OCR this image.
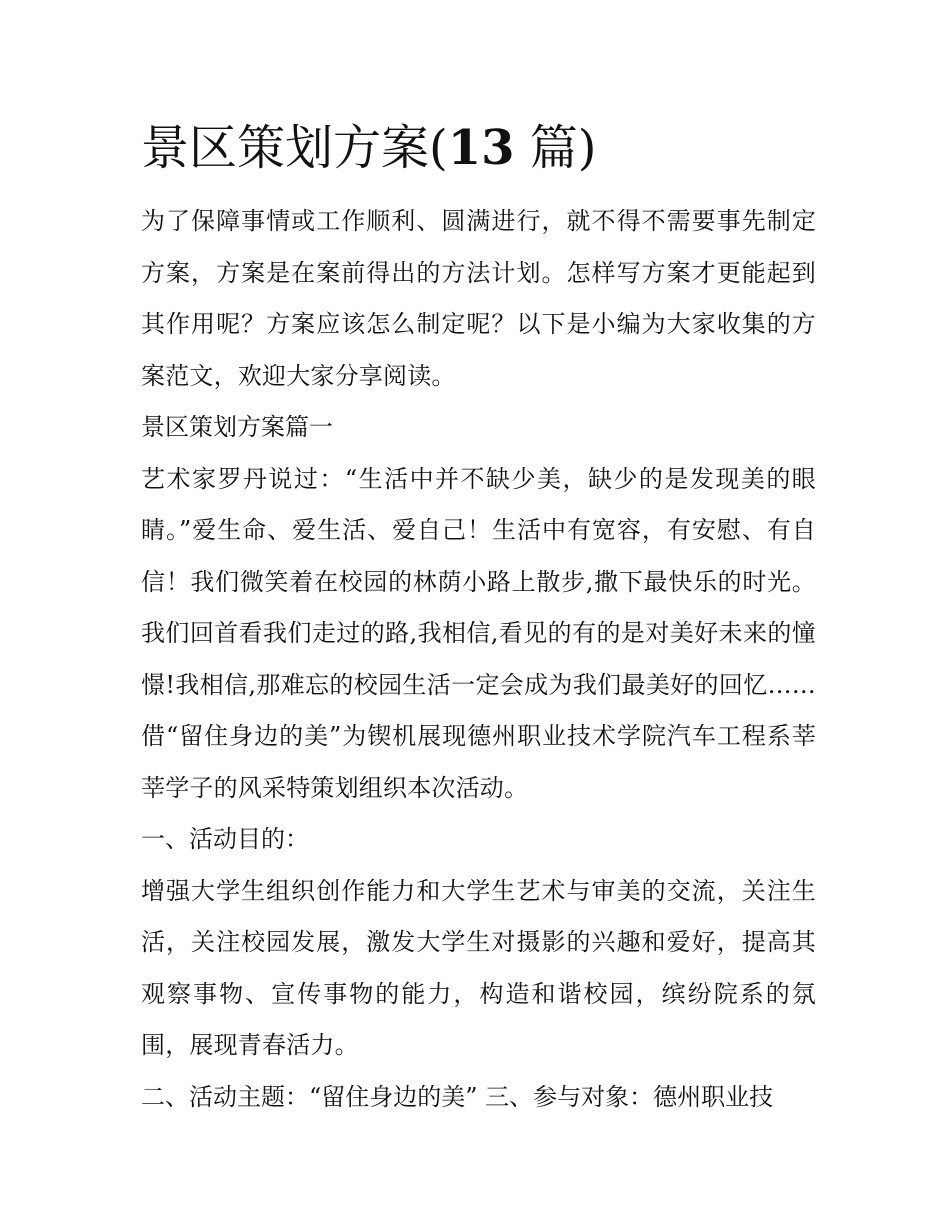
景区策划方案(13 篇)

为了保障事情或工作顺利、圆满进行，就不得不需要事先制定方案，方案是在案前得出的方法计划。怎样写方案才更能起到其作用呢？方案应该怎么制定呢？以下是小编为大家收集的方案范文，欢迎大家分享阅读。

景区策划方案篇一

艺术家罗丹说过：“生活中并不缺少美，缺少的是发现美的眼睛。”爱生命、爱生活、爱自己！生活中有宽容，有安慰、有自信！我们微笑着在校园的林荫小路上散步,撒下最快乐的时光。我们回首看我们走过的路,我相信,看见的有的是对美好未来的憧憬!我相信,那难忘的校园生活一定会成为我们最美好的回忆……借“留住身边的美”为锲机展现德州职业技术学院汽车工程系莘莘学子的风采特策划组织本次活动。

一、活动目的：

增强大学生组织创作能力和大学生艺术与审美的交流，关注生活，关注校园发展，激发大学生对摄影的兴趣和爱好，提高其观察事物、宣传事物的能力，构造和谐校园，缤纷院系的氛围，展现青春活力。

二、活动主题：“留住身边的美” 三、参与对象：德州职业技
